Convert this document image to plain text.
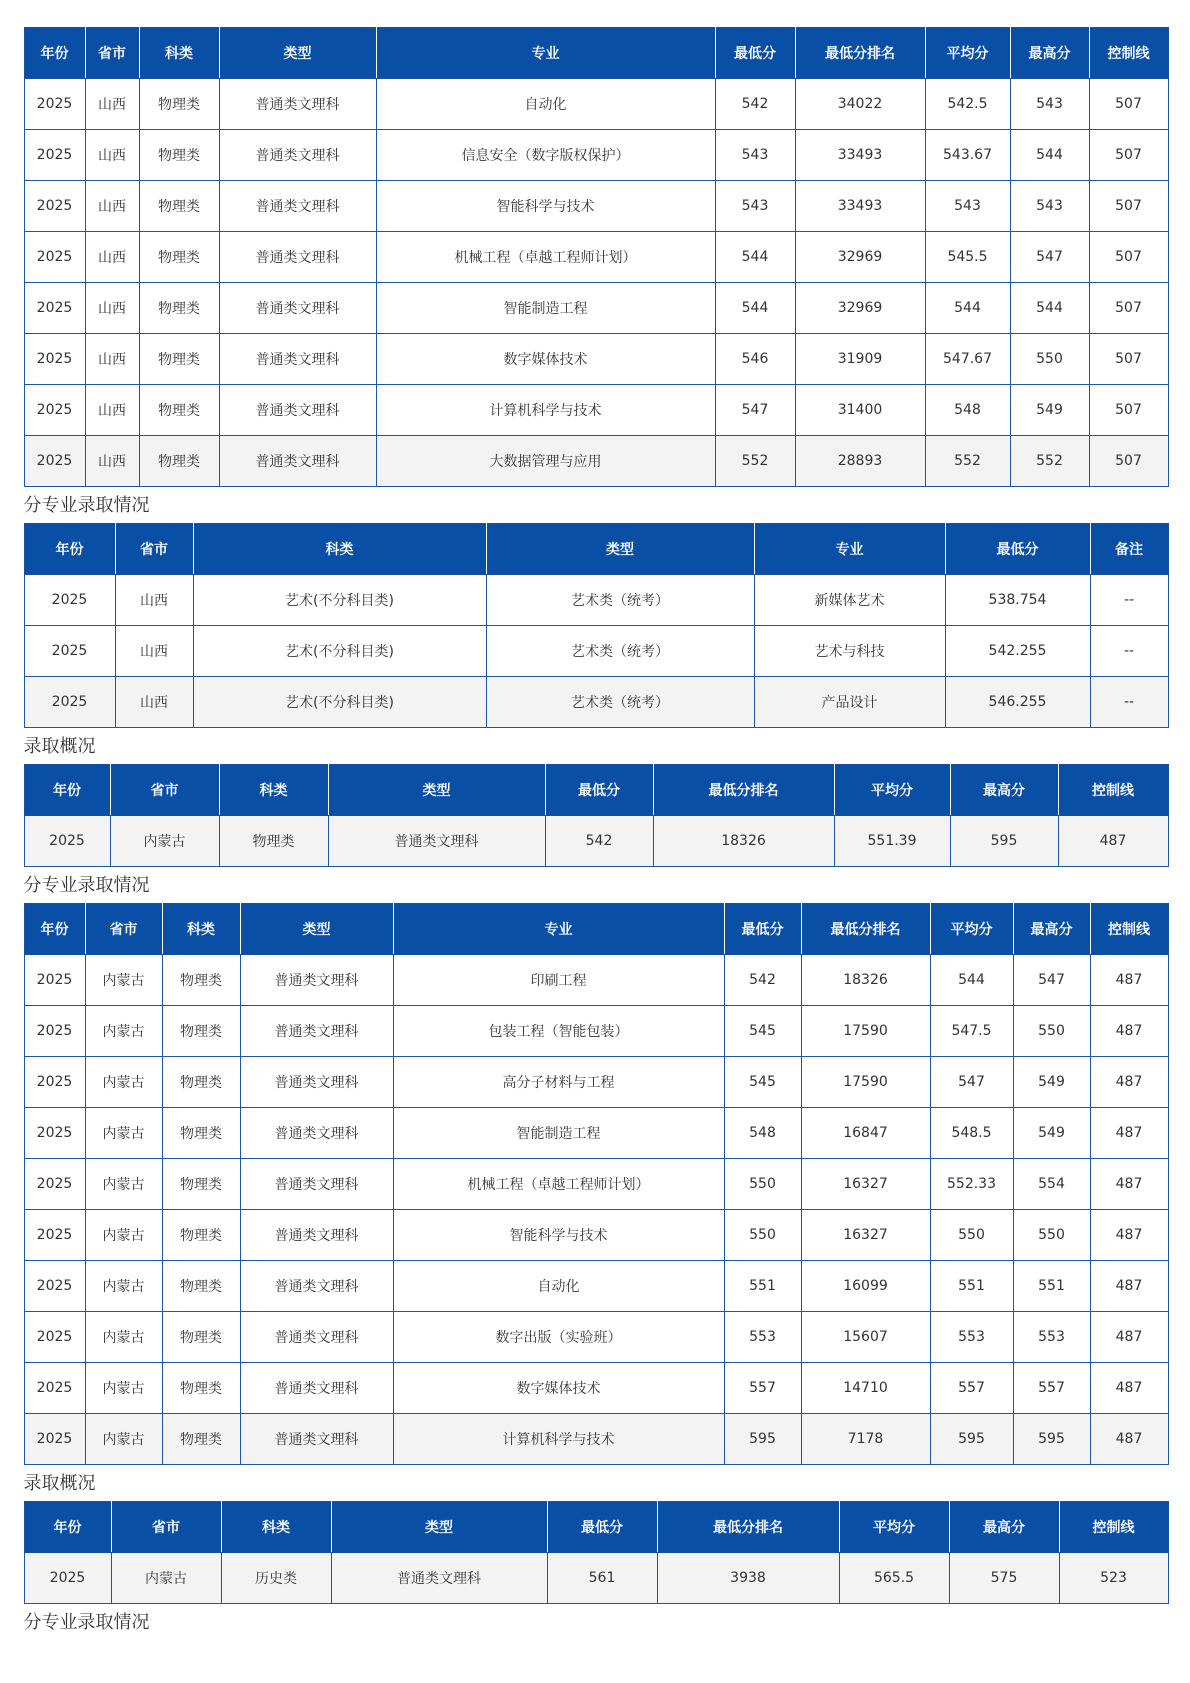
年份	省市	科类	类型	专业	最低分	最低分排名	平均分	最高分	控制线
2025	山西	物理类	普通类文理科	自动化	542	34022	542.5	543	507
2025	山西	物理类	普通类文理科	信息安全（数字版权保护）	543	33493	543.67	544	507
2025	山西	物理类	普通类文理科	智能科学与技术	543	33493	543	543	507
2025	山西	物理类	普通类文理科	机械工程（卓越工程师计划）	544	32969	545.5	547	507
2025	山西	物理类	普通类文理科	智能制造工程	544	32969	544	544	507
2025	山西	物理类	普通类文理科	数字媒体技术	546	31909	547.67	550	507
2025	山西	物理类	普通类文理科	计算机科学与技术	547	31400	548	549	507
2025	山西	物理类	普通类文理科	大数据管理与应用	552	28893	552	552	507
分专业录取情况
年份	省市	科类	类型	专业	最低分	备注
2025	山西	艺术(不分科目类)	艺术类（统考）	新媒体艺术	538.754	--
2025	山西	艺术(不分科目类)	艺术类（统考）	艺术与科技	542.255	--
2025	山西	艺术(不分科目类)	艺术类（统考）	产品设计	546.255	--
录取概况
年份	省市	科类	类型	最低分	最低分排名	平均分	最高分	控制线
2025	内蒙古	物理类	普通类文理科	542	18326	551.39	595	487
分专业录取情况
年份	省市	科类	类型	专业	最低分	最低分排名	平均分	最高分	控制线
2025	内蒙古	物理类	普通类文理科	印刷工程	542	18326	544	547	487
2025	内蒙古	物理类	普通类文理科	包装工程（智能包装）	545	17590	547.5	550	487
2025	内蒙古	物理类	普通类文理科	高分子材料与工程	545	17590	547	549	487
2025	内蒙古	物理类	普通类文理科	智能制造工程	548	16847	548.5	549	487
2025	内蒙古	物理类	普通类文理科	机械工程（卓越工程师计划）	550	16327	552.33	554	487
2025	内蒙古	物理类	普通类文理科	智能科学与技术	550	16327	550	550	487
2025	内蒙古	物理类	普通类文理科	自动化	551	16099	551	551	487
2025	内蒙古	物理类	普通类文理科	数字出版（实验班）	553	15607	553	553	487
2025	内蒙古	物理类	普通类文理科	数字媒体技术	557	14710	557	557	487
2025	内蒙古	物理类	普通类文理科	计算机科学与技术	595	7178	595	595	487
录取概况
年份	省市	科类	类型	最低分	最低分排名	平均分	最高分	控制线
2025	内蒙古	历史类	普通类文理科	561	3938	565.5	575	523
分专业录取情况
